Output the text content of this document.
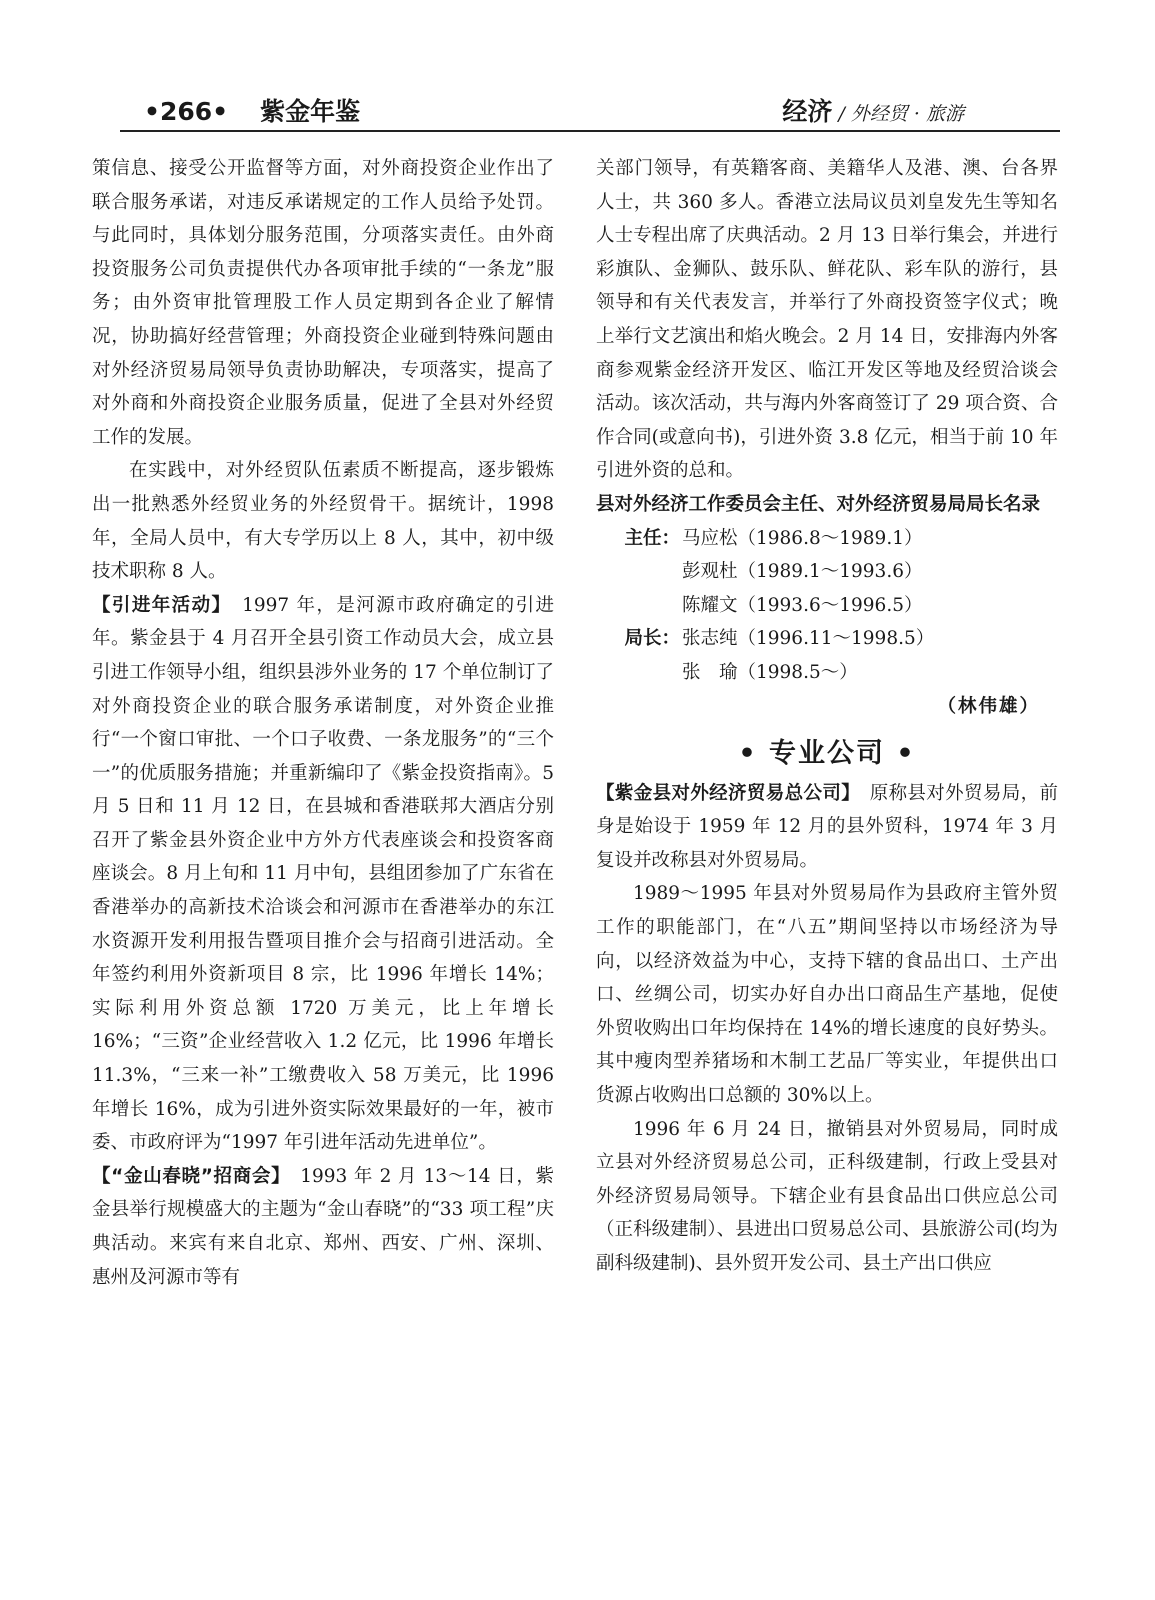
•266• 紫金年鉴	经济 / 外经贸 · 旅游

策信息、接受公开监督等方面，对外商投资企业作出了联合服务承诺，对违反承诺规定的工作人员给予处罚。与此同时，具体划分服务范围，分项落实责任。由外商投资服务公司负责提供代办各项审批手续的“一条龙”服务；由外资审批管理股工作人员定期到各企业了解情况，协助搞好经营管理；外商投资企业碰到特殊问题由对外经济贸易局领导负责协助解决，专项落实，提高了对外商和外商投资企业服务质量，促进了全县对外经贸工作的发展。

在实践中，对外经贸队伍素质不断提高，逐步锻炼出一批熟悉外经贸业务的外经贸骨干。据统计，1998 年，全局人员中，有大专学历以上 8 人，其中，初中级技术职称 8 人。

【引进年活动】　1997 年，是河源市政府确定的引进年。紫金县于 4 月召开全县引资工作动员大会，成立县引进工作领导小组，组织县涉外业务的 17 个单位制订了对外商投资企业的联合服务承诺制度，对外资企业推行“一个窗口审批、一个口子收费、一条龙服务”的“三个一”的优质服务措施；并重新编印了《紫金投资指南》。5 月 5 日和 11 月 12 日，在县城和香港联邦大酒店分别召开了紫金县外资企业中方外方代表座谈会和投资客商座谈会。8 月上旬和 11 月中旬，县组团参加了广东省在香港举办的高新技术洽谈会和河源市在香港举办的东江水资源开发利用报告暨项目推介会与招商引进活动。全年签约利用外资新项目 8 宗，比 1996 年增长 14%；实际利用外资总额 1720 万美元，比上年增长 16%；“三资”企业经营收入 1.2 亿元，比 1996 年增长 11.3%，“三来一补”工缴费收入 58 万美元，比 1996 年增长 16%，成为引进外资实际效果最好的一年，被市委、市政府评为“1997 年引进年活动先进单位”。

【“金山春晓”招商会】　1993 年 2 月 13～14 日，紫金县举行规模盛大的主题为“金山春晓”的“33 项工程”庆典活动。来宾有来自北京、郑州、西安、广州、深圳、惠州及河源市等有

关部门领导，有英籍客商、美籍华人及港、澳、台各界人士，共 360 多人。香港立法局议员刘皇发先生等知名人士专程出席了庆典活动。2 月 13 日举行集会，并进行彩旗队、金狮队、鼓乐队、鲜花队、彩车队的游行，县领导和有关代表发言，并举行了外商投资签字仪式；晚上举行文艺演出和焰火晚会。2 月 14 日，安排海内外客商参观紫金经济开发区、临江开发区等地及经贸洽谈会活动。该次活动，共与海内外客商签订了 29 项合资、合作合同(或意向书)，引进外资 3.8 亿元，相当于前 10 年引进外资的总和。

县对外经济工作委员会主任、对外经济贸易局局长名录

主任： 马应松（1986.8～1989.1）
彭观杜（1989.1～1993.6）
陈耀文（1993.6～1996.5）
局长： 张志纯（1996.11～1998.5）
张　瑜（1998.5～）

（林伟雄）

• 专业公司 •

【紫金县对外经济贸易总公司】　原称县对外贸易局，前身是始设于 1959 年 12 月的县外贸科，1974 年 3 月复设并改称县对外贸易局。

1989～1995 年县对外贸易局作为县政府主管外贸工作的职能部门，在“八五”期间坚持以市场经济为导向，以经济效益为中心，支持下辖的食品出口、土产出口、丝绸公司，切实办好自办出口商品生产基地，促使外贸收购出口年均保持在 14%的增长速度的良好势头。其中瘦肉型养猪场和木制工艺品厂等实业，年提供出口货源占收购出口总额的 30%以上。

1996 年 6 月 24 日，撤销县对外贸易局，同时成立县对外经济贸易总公司，正科级建制，行政上受县对外经济贸易局领导。下辖企业有县食品出口供应总公司（正科级建制）、县进出口贸易总公司、县旅游公司(均为副科级建制)、县外贸开发公司、县土产出口供应
